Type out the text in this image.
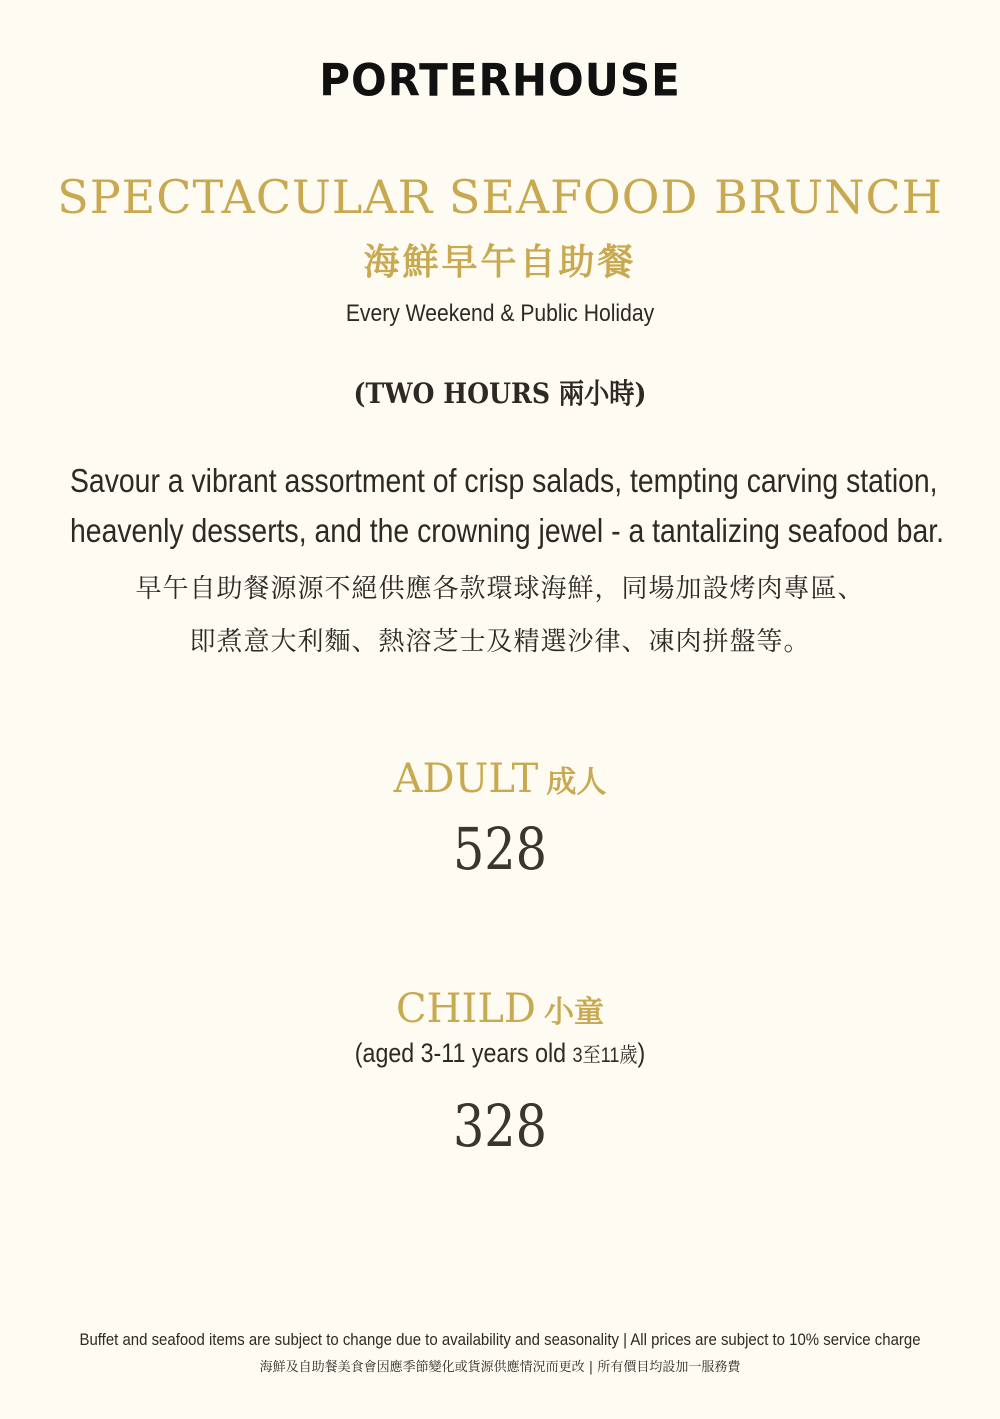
PORTERHOUSE
SPECTACULAR SEAFOOD BRUNCH
海鮮早午自助餐
Every Weekend & Public Holiday
(TWO HOURS 兩小時)
Savour a vibrant assortment of crisp salads, tempting carving station,
heavenly desserts, and the crowning jewel - a tantalizing seafood bar.
早午自助餐源源不絕供應各款環球海鮮，同場加設烤肉專區、
即煮意大利麵、熱溶芝士及精選沙律、凍肉拼盤等。
ADULT 成人
528
CHILD 小童
(aged 3-11 years old 3至11歲)
328
Buffet and seafood items are subject to change due to availability and seasonality | All prices are subject to 10% service charge
海鮮及自助餐美食會因應季節變化或貨源供應情況而更改 | 所有價目均設加一服務費
